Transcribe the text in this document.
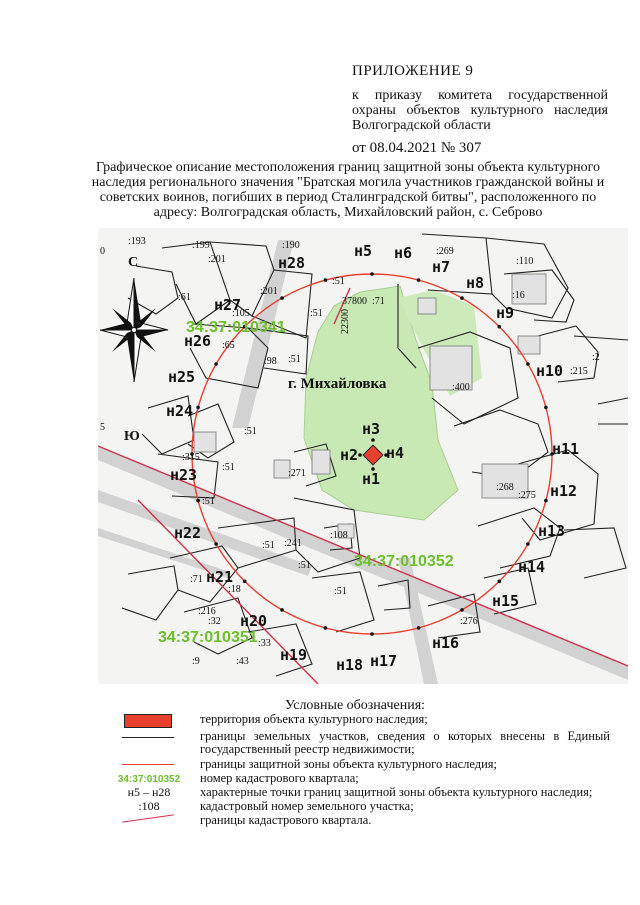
ПРИЛОЖЕНИЕ 9
к приказу комитета государственной охраны объектов культурного наследия Волгоградской области
от 08.04.2021 № 307
Графическое описание местоположения границ защитной зоны объекта культурного наследия регионального значения "Братская могила участников гражданской войны и советских воинов, погибших в период Сталинградской битвы", расположенного по адресу: Волгоградская область, Михайловский район, с. Себрово
С
Ю
0
5
:193	:199
:201
:190
:51
:269
:110
:16
:61
:201
:105	:51
37800 :71
:65
:98 :51
:400
:215
:2
:51
:315
:51
:271
:268
:275
:51
:108
:241
:51
:51
:51
:276
:71
:18
:216
:32
:33
:9	:43
22300
34:37:010341
34:37:010352
34:37:010351
г. Михайловка
н1
н2
н3
н4
н5 н6
н7
н8
н9
н10
н11
н12
н13
н14
н15
н16
н17
н18
н19
н20
н21
н22
н23
н24
н25
н26
н27
н28
Условные обозначения:
территория объекта культурного наследия;
границы земельных участков, сведения о которых внесены в Единый государственный реестр недвижимости;
границы защитной зоны объекта культурного наследия;
34:37:010352	номер кадастрового квартала;
н5 – н28	характерные точки границ защитной зоны объекта культурного наследия;
:108	кадастровый номер земельного участка;
границы кадастрового квартала.
